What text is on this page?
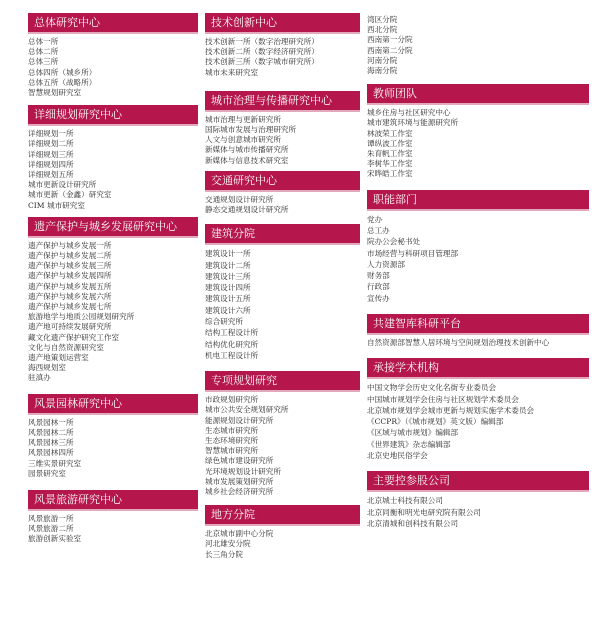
总体研究中心
总体一所
总体二所
总体三所
总体四所（城乡所）
总体五所（战略所）
智慧规划研究室
详细规划研究中心
详细规划一所
详细规划二所
详细规划三所
详细规划四所
详细规划五所
城市更新设计研究所
城市更新（金鑫）研究室
CIM 城市研究室
遗产保护与城乡发展研究中心
遗产保护与城乡发展一所
遗产保护与城乡发展二所
遗产保护与城乡发展三所
遗产保护与城乡发展四所
遗产保护与城乡发展五所
遗产保护与城乡发展六所
遗产保护与城乡发展七所
旅游地学与地质公园规划研究所
遗产地可持续发展研究所
藏文化遗产保护研究工作室
文化与自然资源研究室
遗产地策划运营室
海西规划室
驻滇办
风景园林研究中心
风景园林一所
风景园林二所
风景园林三所
风景园林四所
三维实景研究室
园景研究室
风景旅游研究中心
风景旅游一所
风景旅游二所
旅游创新实验室
技术创新中心
技术创新一所（数字治理研究所）
技术创新二所（数字经济研究所）
技术创新三所（数字城市研究所）
城市未来研究室
城市治理与传播研究中心
城市治理与更新研究所
国际城市发展与治理研究所
人文与创意城市研究所
新媒体与城市传播研究所
新媒体与信息技术研究室
交通研究中心
交通规划设计研究所
静态交通规划设计研究所
建筑分院
建筑设计一所
建筑设计二所
建筑设计三所
建筑设计四所
建筑设计五所
建筑设计六所
综合研究所
结构工程设计所
结构优化研究所
机电工程设计所
专项规划研究
市政规划研究所
城市公共安全规划研究所
能源规划设计研究所
生态城市研究所
生态环境研究所
智慧城市研究所
绿色城市建设研究所
光环境规划设计研究所
城市发展策划研究所
城乡社会经济研究所
地方分院
北京城市副中心分院
河北雄安分院
长三角分院
湾区分院
西北分院
西南第一分院
西南第二分院
河南分院
海南分院
教师团队
城乡住房与社区研究中心
城市建筑环境与能源研究所
林波荣工作室
谭纵波工作室
朱育帆工作室
李树华工作室
宋晔皓工作室
职能部门
党办
总工办
院办公会秘书处
市场经营与科研项目管理部
人力资源部
财务部
行政部
宣传办
共建智库科研平台
自然资源部智慧人居环境与空间规划治理技术创新中心
承接学术机构
中国文物学会历史文化名街专业委员会
中国城市规划学会住房与社区规划学术委员会
北京城市规划学会城市更新与规划实施学术委员会
《CCPR》（《城市规划》英文版）编辑部
《区域与城市规划》编辑部
《世界建筑》杂志编辑部
北京史地民俗学会
主要控参股公司
北京城士科技有限公司
北京同衡和明光电研究院有限公司
北京清城和创科技有限公司
